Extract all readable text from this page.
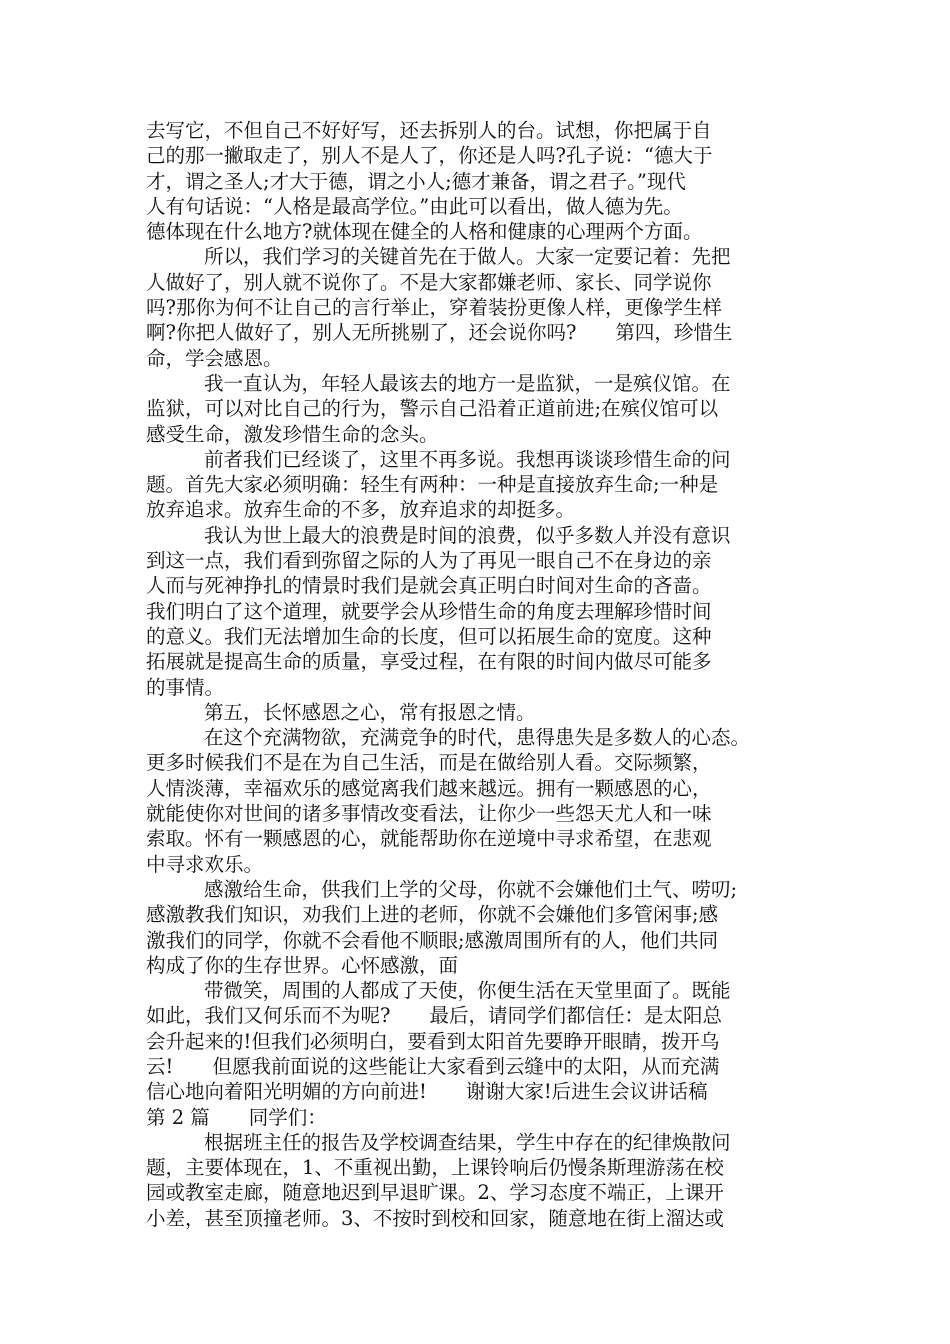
去写它，不但自己不好好写，还去拆别人的台。试想，你把属于自
己的那一撇取走了，别人不是人了，你还是人吗?孔子说：“德大于
才，谓之圣人;才大于德，谓之小人;德才兼备，谓之君子。”现代
人有句话说：“人格是最高学位。”由此可以看出，做人德为先。
德体现在什么地方?就体现在健全的人格和健康的心理两个方面。
所以，我们学习的关键首先在于做人。大家一定要记着：先把
人做好了，别人就不说你了。不是大家都嫌老师、家长、同学说你
吗?那你为何不让自己的言行举止，穿着装扮更像人样，更像学生样
啊?你把人做好了，别人无所挑剔了，还会说你吗?　　第四，珍惜生
命，学会感恩。
我一直认为，年轻人最该去的地方一是监狱，一是殡仪馆。在
监狱，可以对比自己的行为，警示自己沿着正道前进;在殡仪馆可以
感受生命，激发珍惜生命的念头。
前者我们已经谈了，这里不再多说。我想再谈谈珍惜生命的问
题。首先大家必须明确：轻生有两种：一种是直接放弃生命;一种是
放弃追求。放弃生命的不多，放弃追求的却挺多。
我认为世上最大的浪费是时间的浪费，似乎多数人并没有意识
到这一点，我们看到弥留之际的人为了再见一眼自己不在身边的亲
人而与死神挣扎的情景时我们是就会真正明白时间对生命的吝啬。
我们明白了这个道理，就要学会从珍惜生命的角度去理解珍惜时间
的意义。我们无法增加生命的长度，但可以拓展生命的宽度。这种
拓展就是提高生命的质量，享受过程，在有限的时间内做尽可能多
的事情。
第五，长怀感恩之心，常有报恩之情。
在这个充满物欲，充满竞争的时代，患得患失是多数人的心态。
更多时候我们不是在为自己生活，而是在做给别人看。交际频繁，
人情淡薄，幸福欢乐的感觉离我们越来越远。拥有一颗感恩的心，
就能使你对世间的诸多事情改变看法，让你少一些怨天尤人和一味
索取。怀有一颗感恩的心，就能帮助你在逆境中寻求希望，在悲观
中寻求欢乐。
感激给生命，供我们上学的父母，你就不会嫌他们土气、唠叨;
感激教我们知识，劝我们上进的老师，你就不会嫌他们多管闲事;感
激我们的同学，你就不会看他不顺眼;感激周围所有的人，他们共同
构成了你的生存世界。心怀感激，面
带微笑，周围的人都成了天使，你便生活在天堂里面了。既能
如此，我们又何乐而不为呢?　　最后，请同学们都信任：是太阳总
会升起来的!但我们必须明白，要看到太阳首先要睁开眼睛，拨开乌
云!　　但愿我前面说的这些能让大家看到云缝中的太阳，从而充满
信心地向着阳光明媚的方向前进!　　谢谢大家!后进生会议讲话稿
第 2 篇　　同学们：
根据班主任的报告及学校调查结果，学生中存在的纪律焕散问
题，主要体现在，1、不重视出勤，上课铃响后仍慢条斯理游荡在校
园或教室走廊，随意地迟到早退旷课。2、学习态度不端正，上课开
小差，甚至顶撞老师。3、不按时到校和回家，随意地在街上溜达或
